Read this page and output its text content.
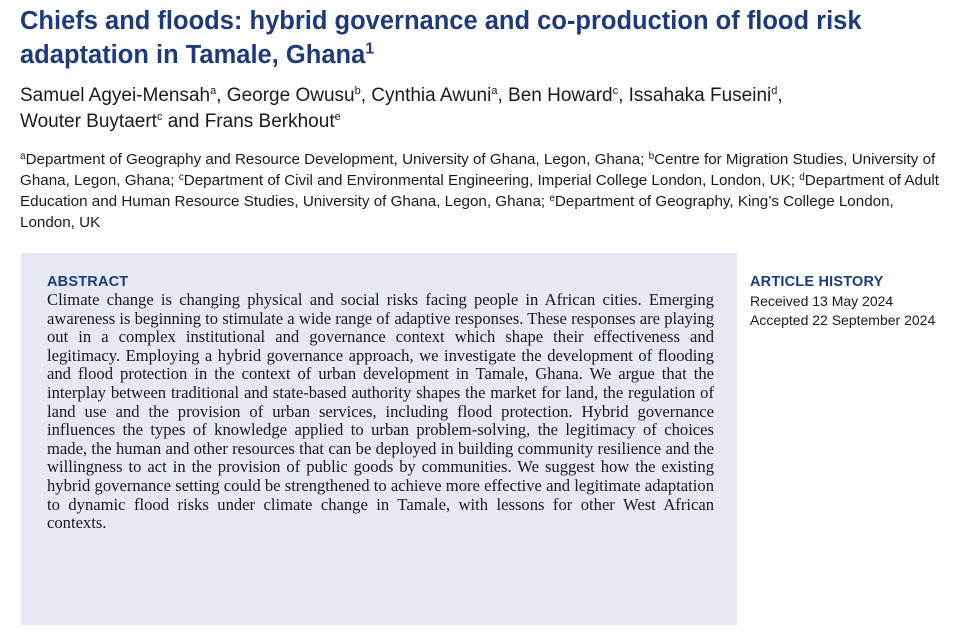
Chiefs and floods: hybrid governance and co-production of flood risk adaptation in Tamale, Ghana$^1$
Samuel Agyei-Mensah$^a$, George Owusu$^b$, Cynthia Awuni$^a$, Ben Howard$^c$, Issahaka Fuseini$^d$,
Wouter Buytaert$^c$ and Frans Berkhout$^e$
$^a$Department of Geography and Resource Development, University of Ghana, Legon, Ghana; $^b$Centre for Migration Studies, University of Ghana, Legon, Ghana; $^c$Department of Civil and Environmental Engineering, Imperial College London, London, UK; $^d$Department of Adult Education and Human Resource Studies, University of Ghana, Legon, Ghana; $^e$Department of Geography, King’s College London, London, UK
ABSTRACT

Climate change is changing physical and social risks facing people in African cities. Emerging awareness is beginning to stimulate a wide range of adaptive responses. These responses are playing out in a complex institutional and governance context which shape their effectiveness and legitimacy. Employing a hybrid governance approach, we investigate the development of flooding and flood protection in the context of urban development in Tamale, Ghana. We argue that the interplay between traditional and state-based authority shapes the market for land, the regulation of land use and the provision of urban services, including flood protection. Hybrid governance influences the types of knowledge applied to urban problem-solving, the legitimacy of choices made, the human and other resources that can be deployed in building community resilience and the willingness to act in the provision of public goods by communities. We suggest how the existing hybrid governance setting could be strengthened to achieve more effective and legitimate adaptation to dynamic flood risks under climate change in Tamale, with lessons for other West African contexts.

ARTICLE HISTORY
Received 13 May 2024
Accepted 22 September 2024
